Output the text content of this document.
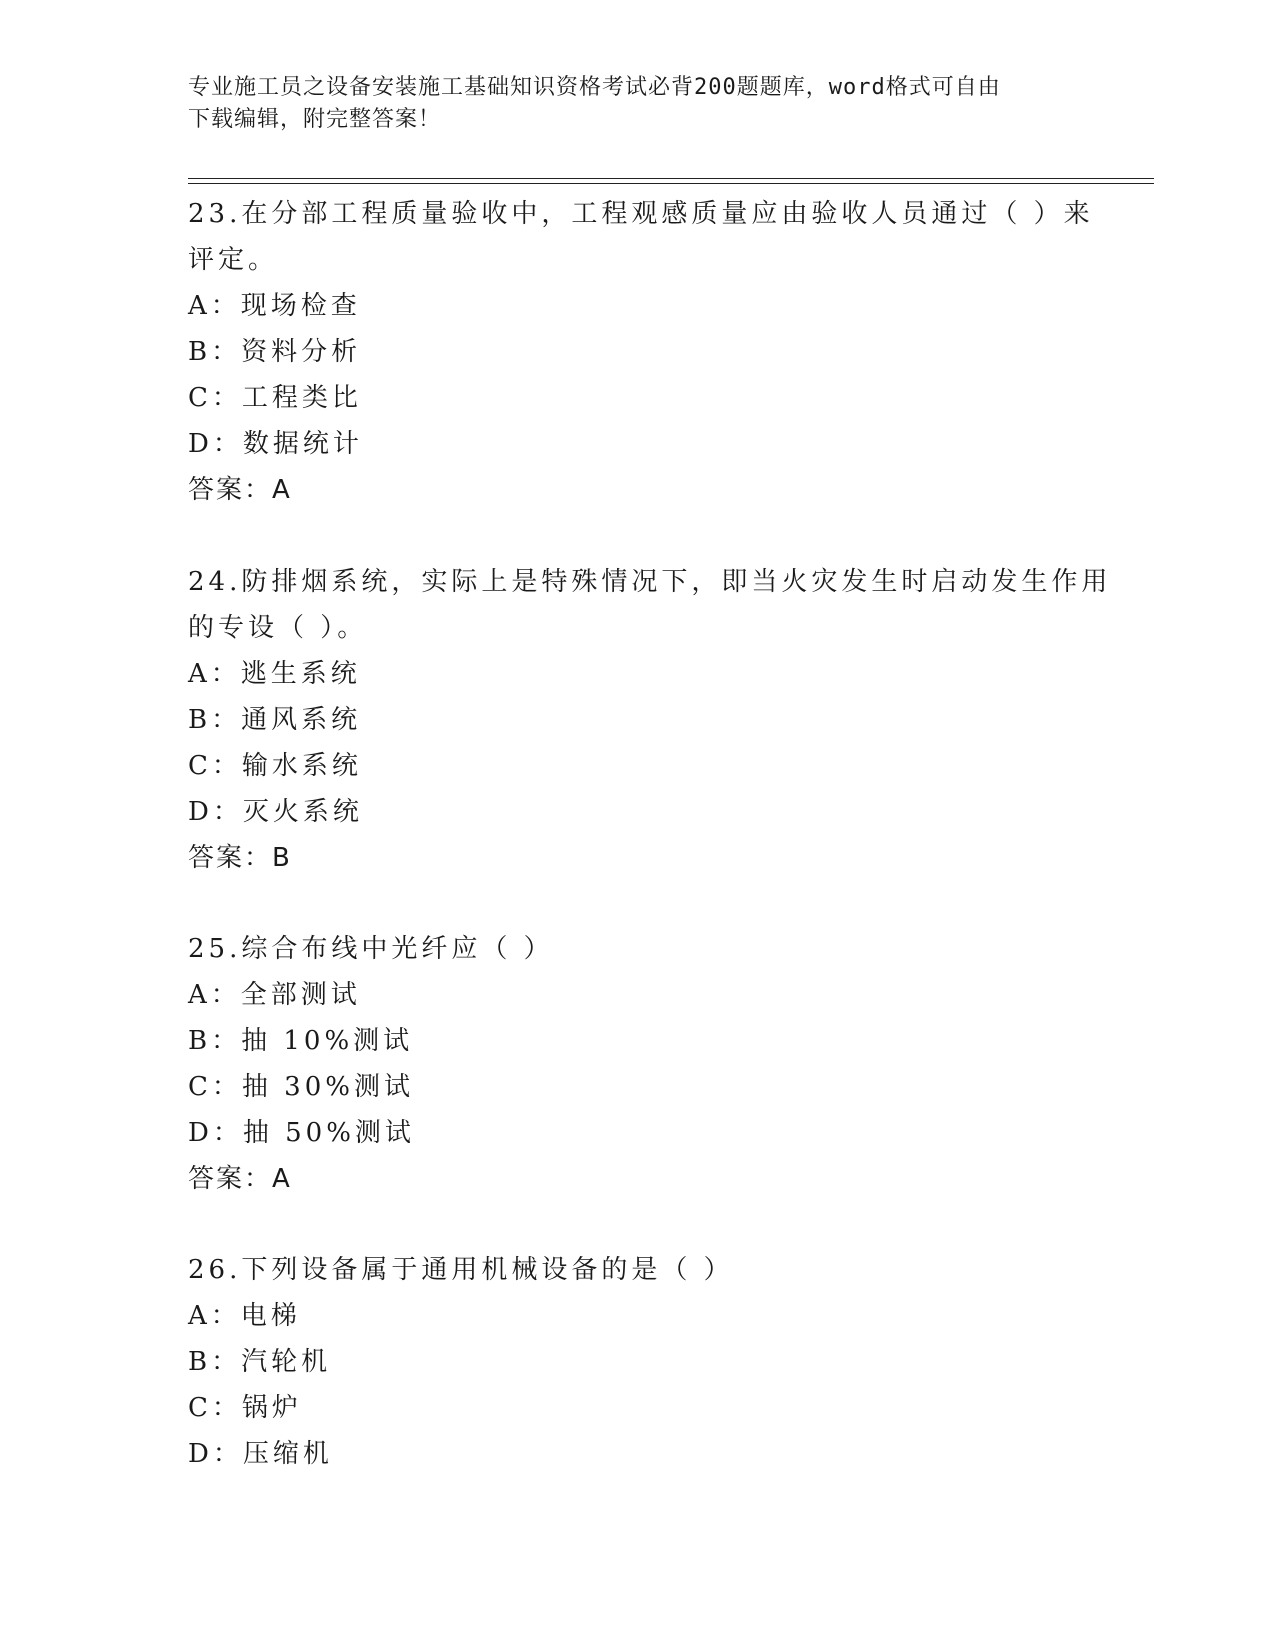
专业施工员之设备安装施工基础知识资格考试必背200题题库，word格式可自由
下载编辑，附完整答案！
23.在分部工程质量验收中，工程观感质量应由验收人员通过（ ）来
评定。
A：现场检查
B：资料分析
C：工程类比
D：数据统计
答案：A
24.防排烟系统，实际上是特殊情况下，即当火灾发生时启动发生作用
的专设（ ）。
A：逃生系统
B：通风系统
C：输水系统
D：灭火系统
答案：B
25.综合布线中光纤应（ ）
A：全部测试
B：抽 10%测试
C：抽 30%测试
D：抽 50%测试
答案：A
26.下列设备属于通用机械设备的是（ ）
A：电梯
B：汽轮机
C：锅炉
D：压缩机
